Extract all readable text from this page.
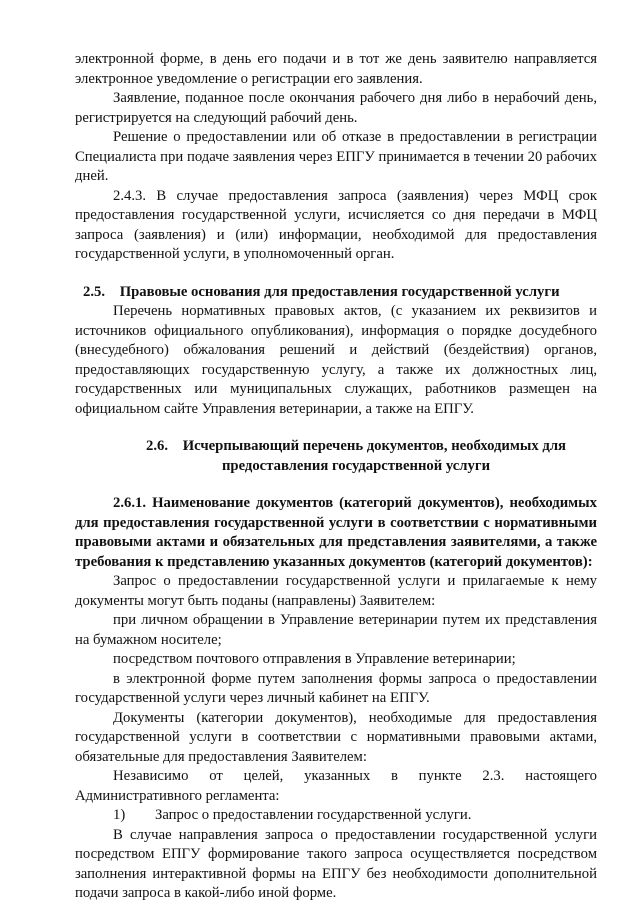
электронной форме, в день его подачи и в тот же день заявителю направляется электронное уведомление о регистрации его заявления.

Заявление, поданное после окончания рабочего дня либо в нерабочий день, регистрируется на следующий рабочий день.

Решение о предоставлении или об отказе в предоставлении в регистрации Специалиста при подаче заявления через ЕПГУ принимается в течении 20 рабочих дней.

2.4.3. В случае предоставления запроса (заявления) через МФЦ срок предоставления государственной услуги, исчисляется со дня передачи в МФЦ запроса (заявления) и (или) информации, необходимой для предоставления государственной услуги, в уполномоченный орган.

2.5. Правовые основания для предоставления государственной услуги

Перечень нормативных правовых актов, (с указанием их реквизитов и источников официального опубликования), информация о порядке досудебного (внесудебного) обжалования решений и действий (бездействия) органов, предоставляющих государственную услугу, а также их должностных лиц, государственных или муниципальных служащих, работников размещен на официальном сайте Управления ветеринарии, а также на ЕПГУ.

2.6. Исчерпывающий перечень документов, необходимых для
предоставления государственной услуги

2.6.1. Наименование документов (категорий документов), необходимых для предоставления государственной услуги в соответствии с нормативными правовыми актами и обязательных для представления заявителями, а также требования к представлению указанных документов (категорий документов):

Запрос о предоставлении государственной услуги и прилагаемые к нему документы могут быть поданы (направлены) Заявителем:

при личном обращении в Управление ветеринарии путем их представления на бумажном носителе;

посредством почтового отправления в Управление ветеринарии;

в электронной форме путем заполнения формы запроса о предоставлении государственной услуги через личный кабинет на ЕПГУ.

Документы (категории документов), необходимые для предоставления государственной услуги в соответствии с нормативными правовыми актами, обязательные для предоставления Заявителем:

Независимо от целей, указанных в пункте 2.3. настоящего Административного регламента:

1) Запрос о предоставлении государственной услуги.

В случае направления запроса о предоставлении государственной услуги посредством ЕПГУ формирование такого запроса осуществляется посредством заполнения интерактивной формы на ЕПГУ без необходимости дополнительной подачи запроса в какой-либо иной форме.
